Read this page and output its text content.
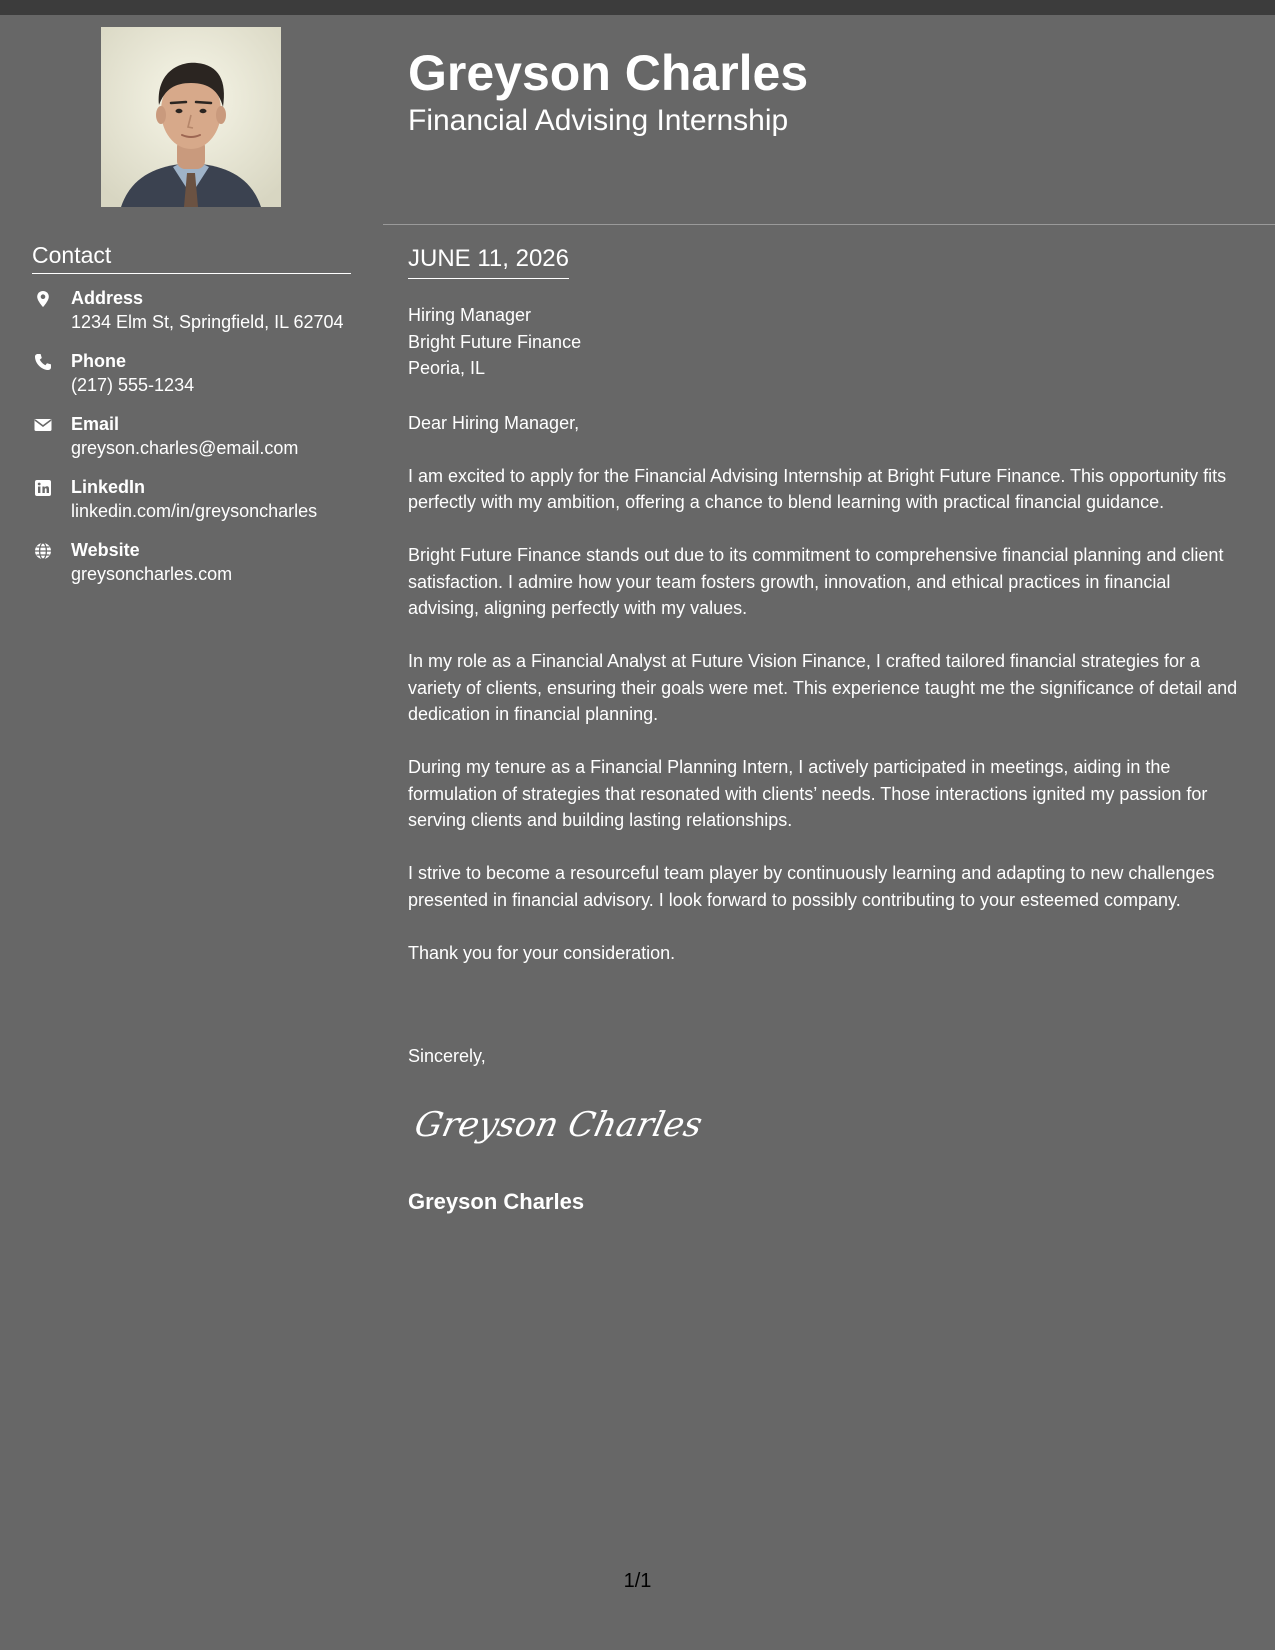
Contact
Address
1234 Elm St, Springfield, IL 62704
Phone
(217) 555-1234
Email
greyson.charles@email.com
LinkedIn
linkedin.com/in/greysoncharles
Website
greysoncharles.com
Greyson Charles
Financial Advising Internship
JUNE 11, 2026
Hiring Manager
Bright Future Finance
Peoria, IL

Dear Hiring Manager,

I am excited to apply for the Financial Advising Internship at Bright Future Finance. This opportunity fits perfectly with my ambition, offering a chance to blend learning with practical financial guidance.

Bright Future Finance stands out due to its commitment to comprehensive financial planning and client satisfaction. I admire how your team fosters growth, innovation, and ethical practices in financial advising, aligning perfectly with my values.

In my role as a Financial Analyst at Future Vision Finance, I crafted tailored financial strategies for a variety of clients, ensuring their goals were met. This experience taught me the significance of detail and dedication in financial planning.

During my tenure as a Financial Planning Intern, I actively participated in meetings, aiding in the formulation of strategies that resonated with clients’ needs. Those interactions ignited my passion for serving clients and building lasting relationships.

I strive to become a resourceful team player by continuously learning and adapting to new challenges presented in financial advisory. I look forward to possibly contributing to your esteemed company.

Thank you for your consideration.

Sincerely,
Greyson Charles
Greyson Charles
1/1
